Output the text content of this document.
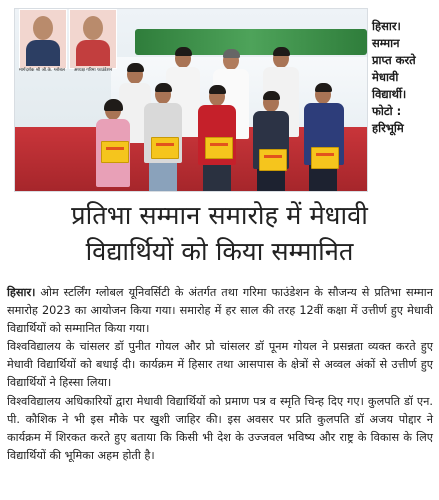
मार्गदर्शक श्री जी.के. ग्लोबल	अध्यक्ष गरिमा फाउंडेशन
हिसार।
सम्मान
प्राप्त करते
मेधावी
विद्यार्थी।
फोटो :
हरिभूमि
प्रतिभा सम्मान समारोह में मेधावी
विद्यार्थियों को किया सम्मानित

हिसार। ओम स्टर्लिंग ग्लोबल यूनिवर्सिटी के अंतर्गत तथा गरिमा फाउंडेशन के सौजन्य से प्रतिभा सम्मान समारोह 2023 का आयोजन किया गया। समारोह में हर साल की तरह 12वीं कक्षा में उत्तीर्ण हुए मेधावी विद्यार्थियों को सम्मानित किया गया।

विश्वविद्यालय के चांसलर डॉ पुनीत गोयल और प्रो चांसलर डॉ पूनम गोयल ने प्रसन्नता व्यक्त करते हुए मेधावी विद्यार्थियों को बधाई दी। कार्यक्रम में हिसार तथा आसपास के क्षेत्रों से अव्वल अंकों से उत्तीर्ण हुए विद्यार्थियों ने हिस्सा लिया।

विश्वविद्यालय अधिकारियों द्वारा मेधावी विद्यार्थियों को प्रमाण पत्र व स्मृति चिन्ह दिए गए। कुलपति डॉ एन. पी. कौशिक ने भी इस मौके पर खुशी जाहिर की। इस अवसर पर प्रति कुलपति डॉ अजय पोद्दार ने कार्यक्रम में शिरकत करते हुए बताया कि किसी भी देश के उज्जवल भविष्य और राष्ट्र के विकास के लिए विद्यार्थियों की भूमिका अहम होती है।
